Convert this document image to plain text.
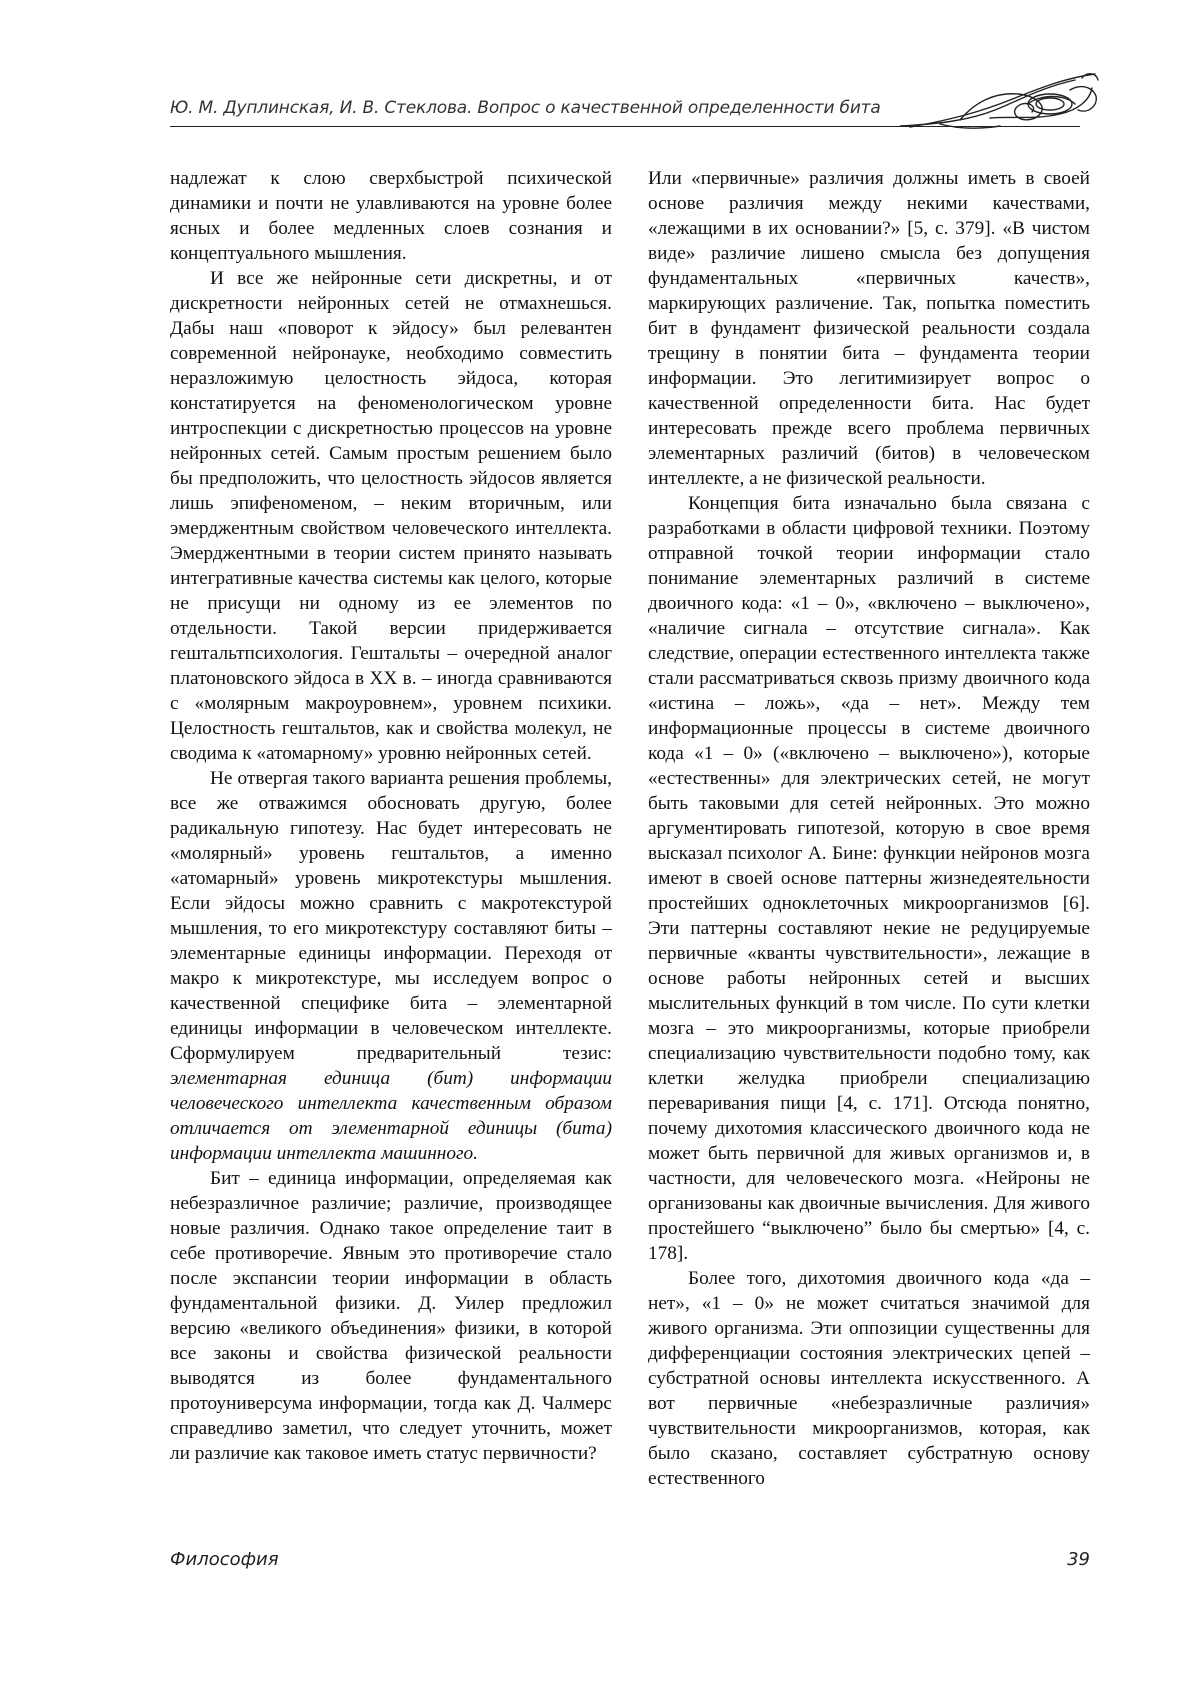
Ю. М. Дуплинская, И. В. Стеклова. Вопрос о качественной определенности бита

надлежат к слою сверхбыстрой психической динамики и почти не улавливаются на уровне более ясных и более медленных слоев сознания и концептуального мышления.

И все же нейронные сети дискретны, и от дискретности нейронных сетей не отмахнешься. Дабы наш «поворот к эйдосу» был релевантен современной нейронауке, необходимо совместить неразложимую целостность эйдоса, которая констатируется на феноменологическом уровне интроспекции с дискретностью процессов на уровне нейронных сетей. Самым простым решением было бы предположить, что целостность эйдосов является лишь эпифеноменом, – неким вторичным, или эмерджентным свойством человеческого интеллекта. Эмерджентными в теории систем принято называть интегративные качества системы как целого, которые не присущи ни одному из ее элементов по отдельности. Такой версии придерживается гештальтпсихология. Гештальты – очередной аналог платоновского эйдоса в XX в. – иногда сравниваются с «молярным макроуровнем», уровнем психики. Целостность гештальтов, как и свойства молекул, не сводима к «атомарному» уровню нейронных сетей.

Не отвергая такого варианта решения проблемы, все же отважимся обосновать другую, более радикальную гипотезу. Нас будет интересовать не «молярный» уровень гештальтов, а именно «атомарный» уровень микротекстуры мышления. Если эйдосы можно сравнить с макротекстурой мышления, то его микротекстуру составляют биты – элементарные единицы информации. Переходя от макро к микротекстуре, мы исследуем вопрос о качественной специфике бита – элементарной единицы информации в человеческом интеллекте. Сформулируем предварительный тезис: элементарная единица (бит) информации человеческого интеллекта качественным образом отличается от элементарной единицы (бита) информации интеллекта машинного.

Бит – единица информации, определяемая как небезразличное различие; различие, производящее новые различия. Однако такое определение таит в себе противоречие. Явным это противоречие стало после экспансии теории информации в область фундаментальной физики. Д. Уилер предложил версию «великого объединения» физики, в которой все законы и свойства физической реальности выводятся из более фундаментального протоуниверсума информации, тогда как Д. Чалмерс справедливо заметил, что следует уточнить, может ли различие как таковое иметь статус первичности?

Или «первичные» различия должны иметь в своей основе различия между некими качествами, «лежащими в их основании?» [5, с. 379]. «В чистом виде» различие лишено смысла без допущения фундаментальных «первичных качеств», маркирующих различение. Так, попытка поместить бит в фундамент физической реальности создала трещину в понятии бита – фундамента теории информации. Это легитимизирует вопрос о качественной определенности бита. Нас будет интересовать прежде всего проблема первичных элементарных различий (битов) в человеческом интеллекте, а не физической реальности.

Концепция бита изначально была связана с разработками в области цифровой техники. Поэтому отправной точкой теории информации стало понимание элементарных различий в системе двоичного кода: «1 – 0», «включено – выключено», «наличие сигнала – отсутствие сигнала». Как следствие, операции естественного интеллекта также стали рассматриваться сквозь призму двоичного кода «истина – ложь», «да – нет». Между тем информационные процессы в системе двоичного кода «1 – 0» («включено – выключено»), которые «естественны» для электрических сетей, не могут быть таковыми для сетей нейронных. Это можно аргументировать гипотезой, которую в свое время высказал психолог А. Бине: функции нейронов мозга имеют в своей основе паттерны жизнедеятельности простейших одноклеточных микроорганизмов [6]. Эти паттерны составляют некие не редуцируемые первичные «кванты чувствительности», лежащие в основе работы нейронных сетей и высших мыслительных функций в том числе. По сути клетки мозга – это микроорганизмы, которые приобрели специализацию чувствительности подобно тому, как клетки желудка приобрели специализацию переваривания пищи [4, с. 171]. Отсюда понятно, почему дихотомия классического двоичного кода не может быть первичной для живых организмов и, в частности, для человеческого мозга. «Нейроны не организованы как двоичные вычисления. Для живого простейшего “выключено” было бы смертью» [4, с. 178].

Более того, дихотомия двоичного кода «да – нет», «1 – 0» не может считаться значимой для живого организма. Эти оппозиции существенны для дифференциации состояния электрических цепей – субстратной основы интеллекта искусственного. А вот первичные «небезразличные различия» чувствительности микроорганизмов, которая, как было сказано, составляет субстратную основу естественного

Философия	39
